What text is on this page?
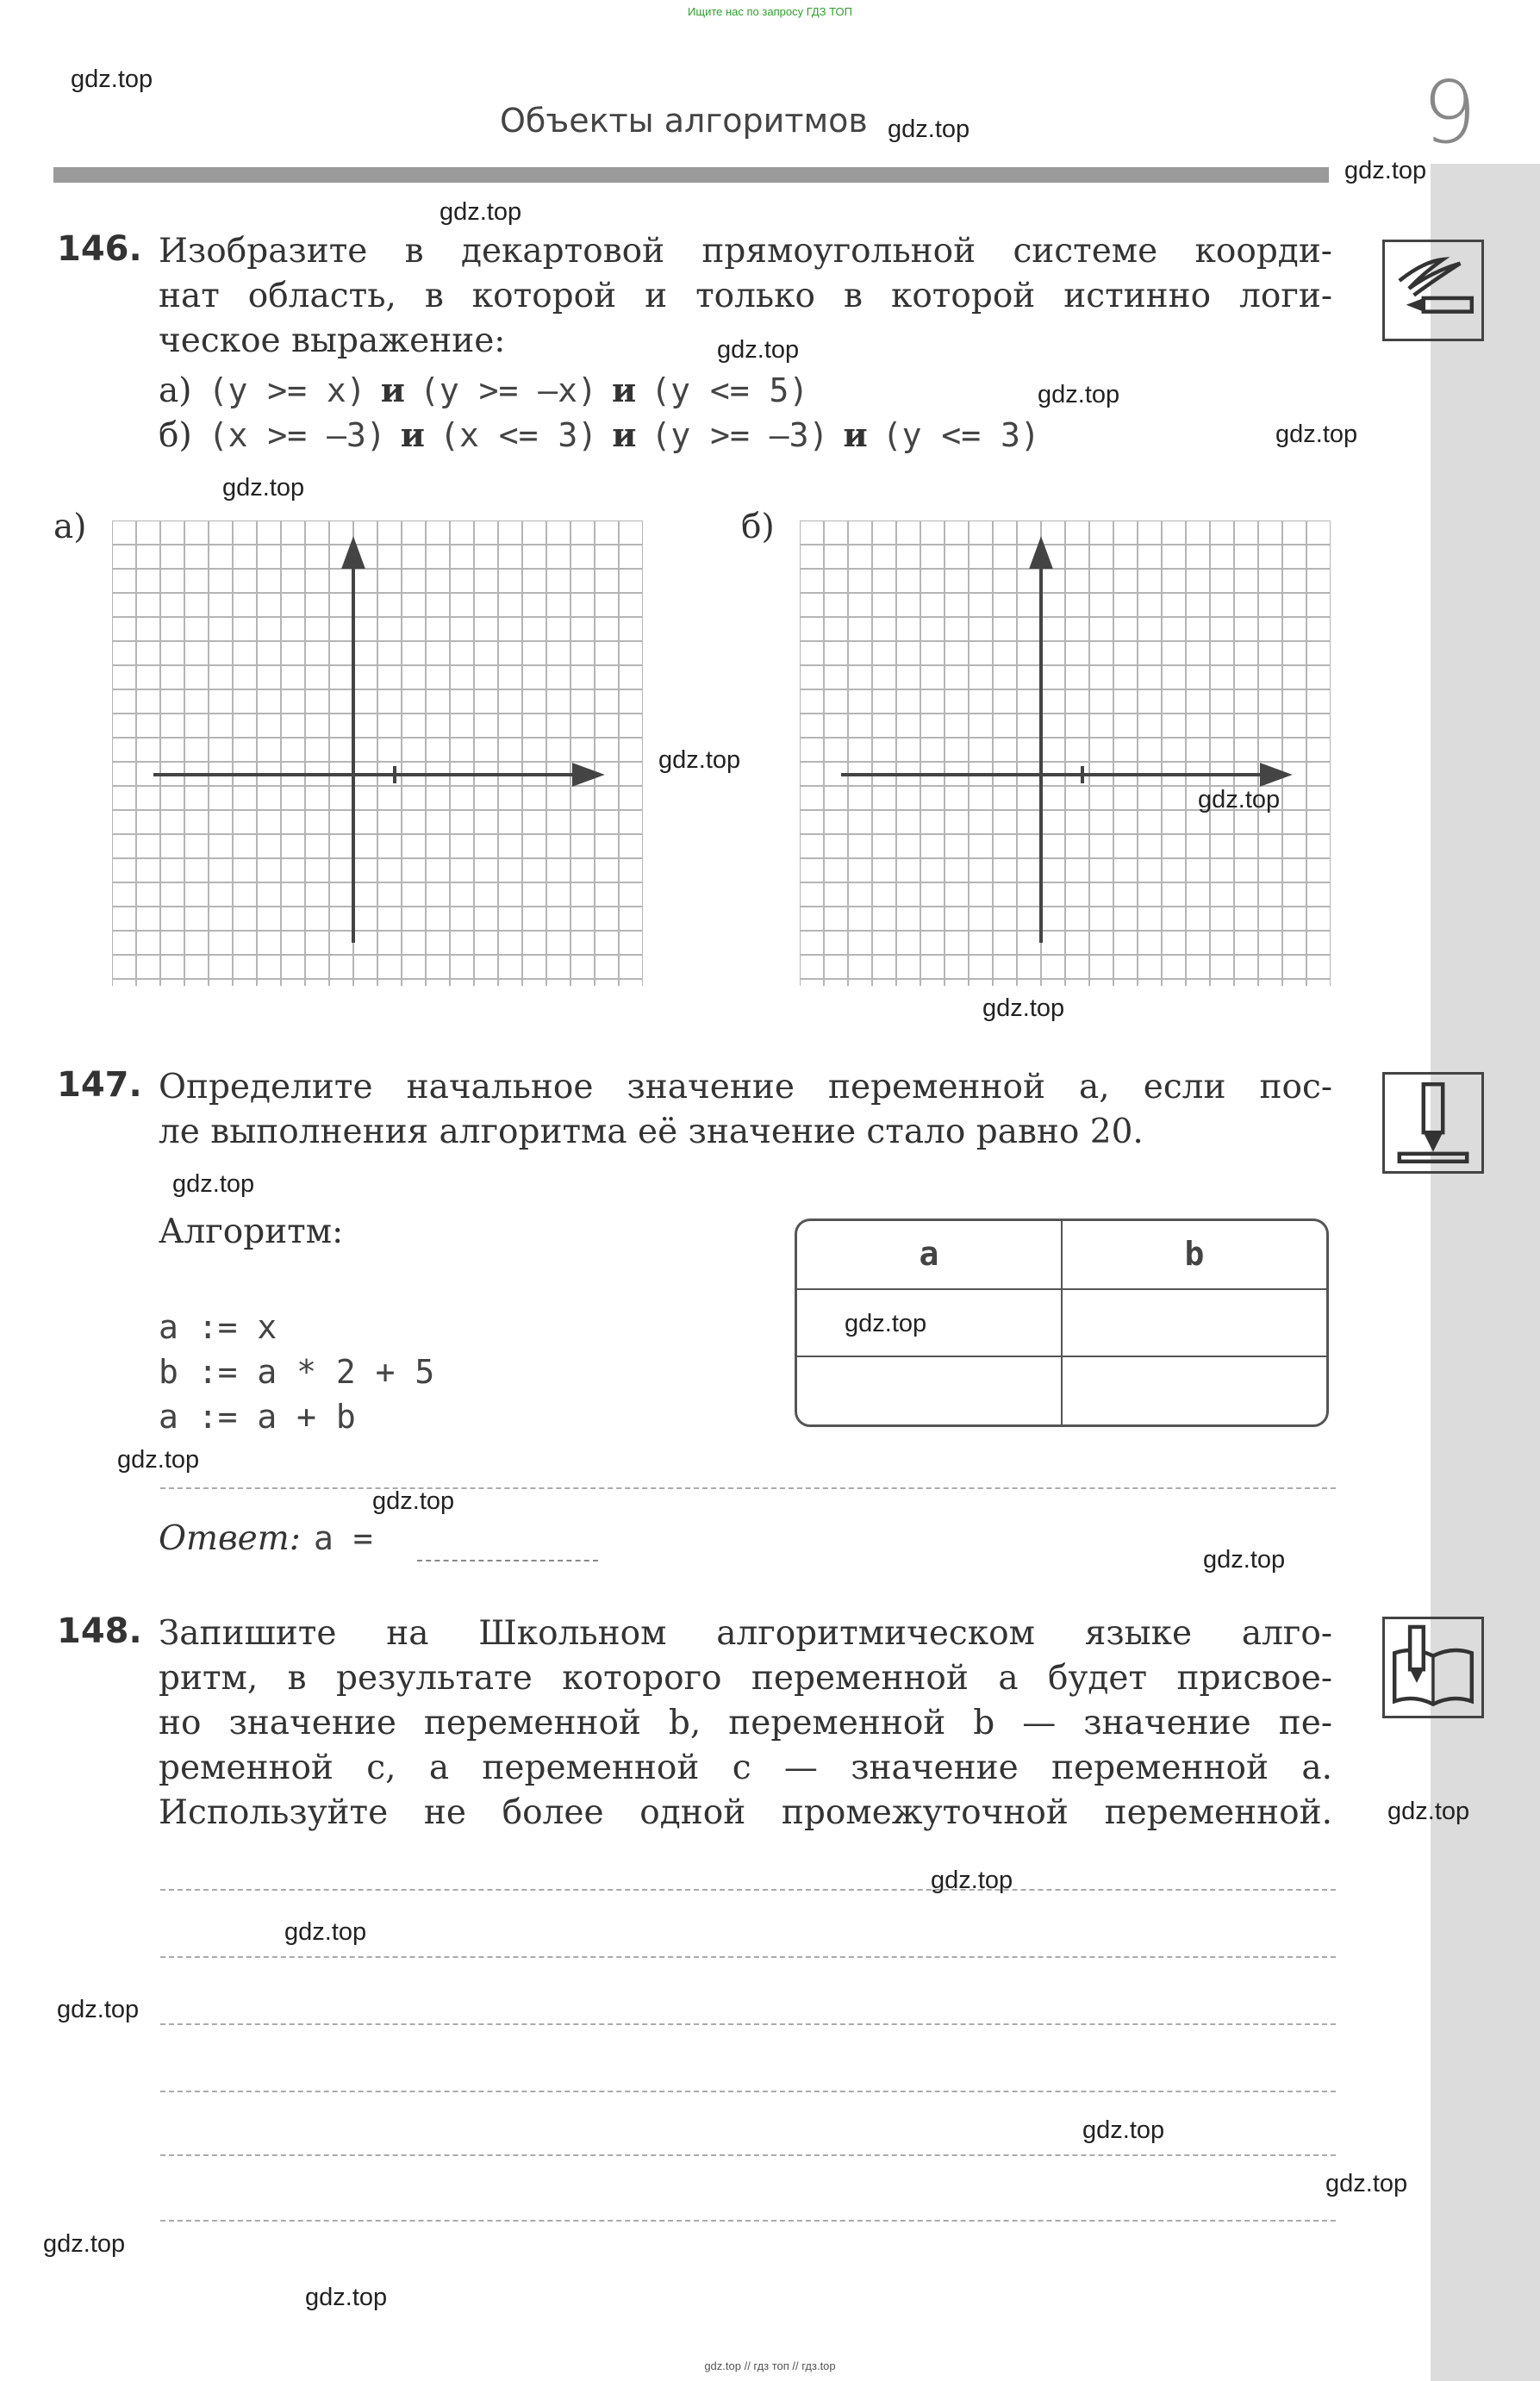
Ищите нас по запросу ГДЗ ТОП
Объекты алгоритмов	9
146. Изобразите в декартовой прямоугольной системе коорди-
нат область, в которой и только в которой истинно логи-
ческое выражение:
а) (y >= x) и (y >= –x) и (y <= 5)
б) (x >= –3) и (x <= 3) и (y >= –3) и (y <= 3)
а)	б)
147. Определите начальное значение переменной а, если пос-
ле выполнения алгоритма её значение стало равно 20.
Алгоритм:
a := x
b := a * 2 + 5
a := a + b
a	b
Ответ: a =
148. Запишите на Школьном алгоритмическом языке алго-
ритм, в результате которого переменной а будет присвое-
но значение переменной b, переменной b — значение пе-
ременной с, а переменной с — значение переменной а.
Используйте не более одной промежуточной переменной.
gdz.top
gdz.top
gdz.top
gdz.top
gdz.top
gdz.top
gdz.top
gdz.top
gdz.top
gdz.top
gdz.top
gdz.top
gdz.top
gdz.top
gdz.top
gdz.top
gdz.top
gdz.top
gdz.top
gdz.top
gdz.top
gdz.top
gdz.top
gdz.top
gdz.top // гдз топ // гдз.top
